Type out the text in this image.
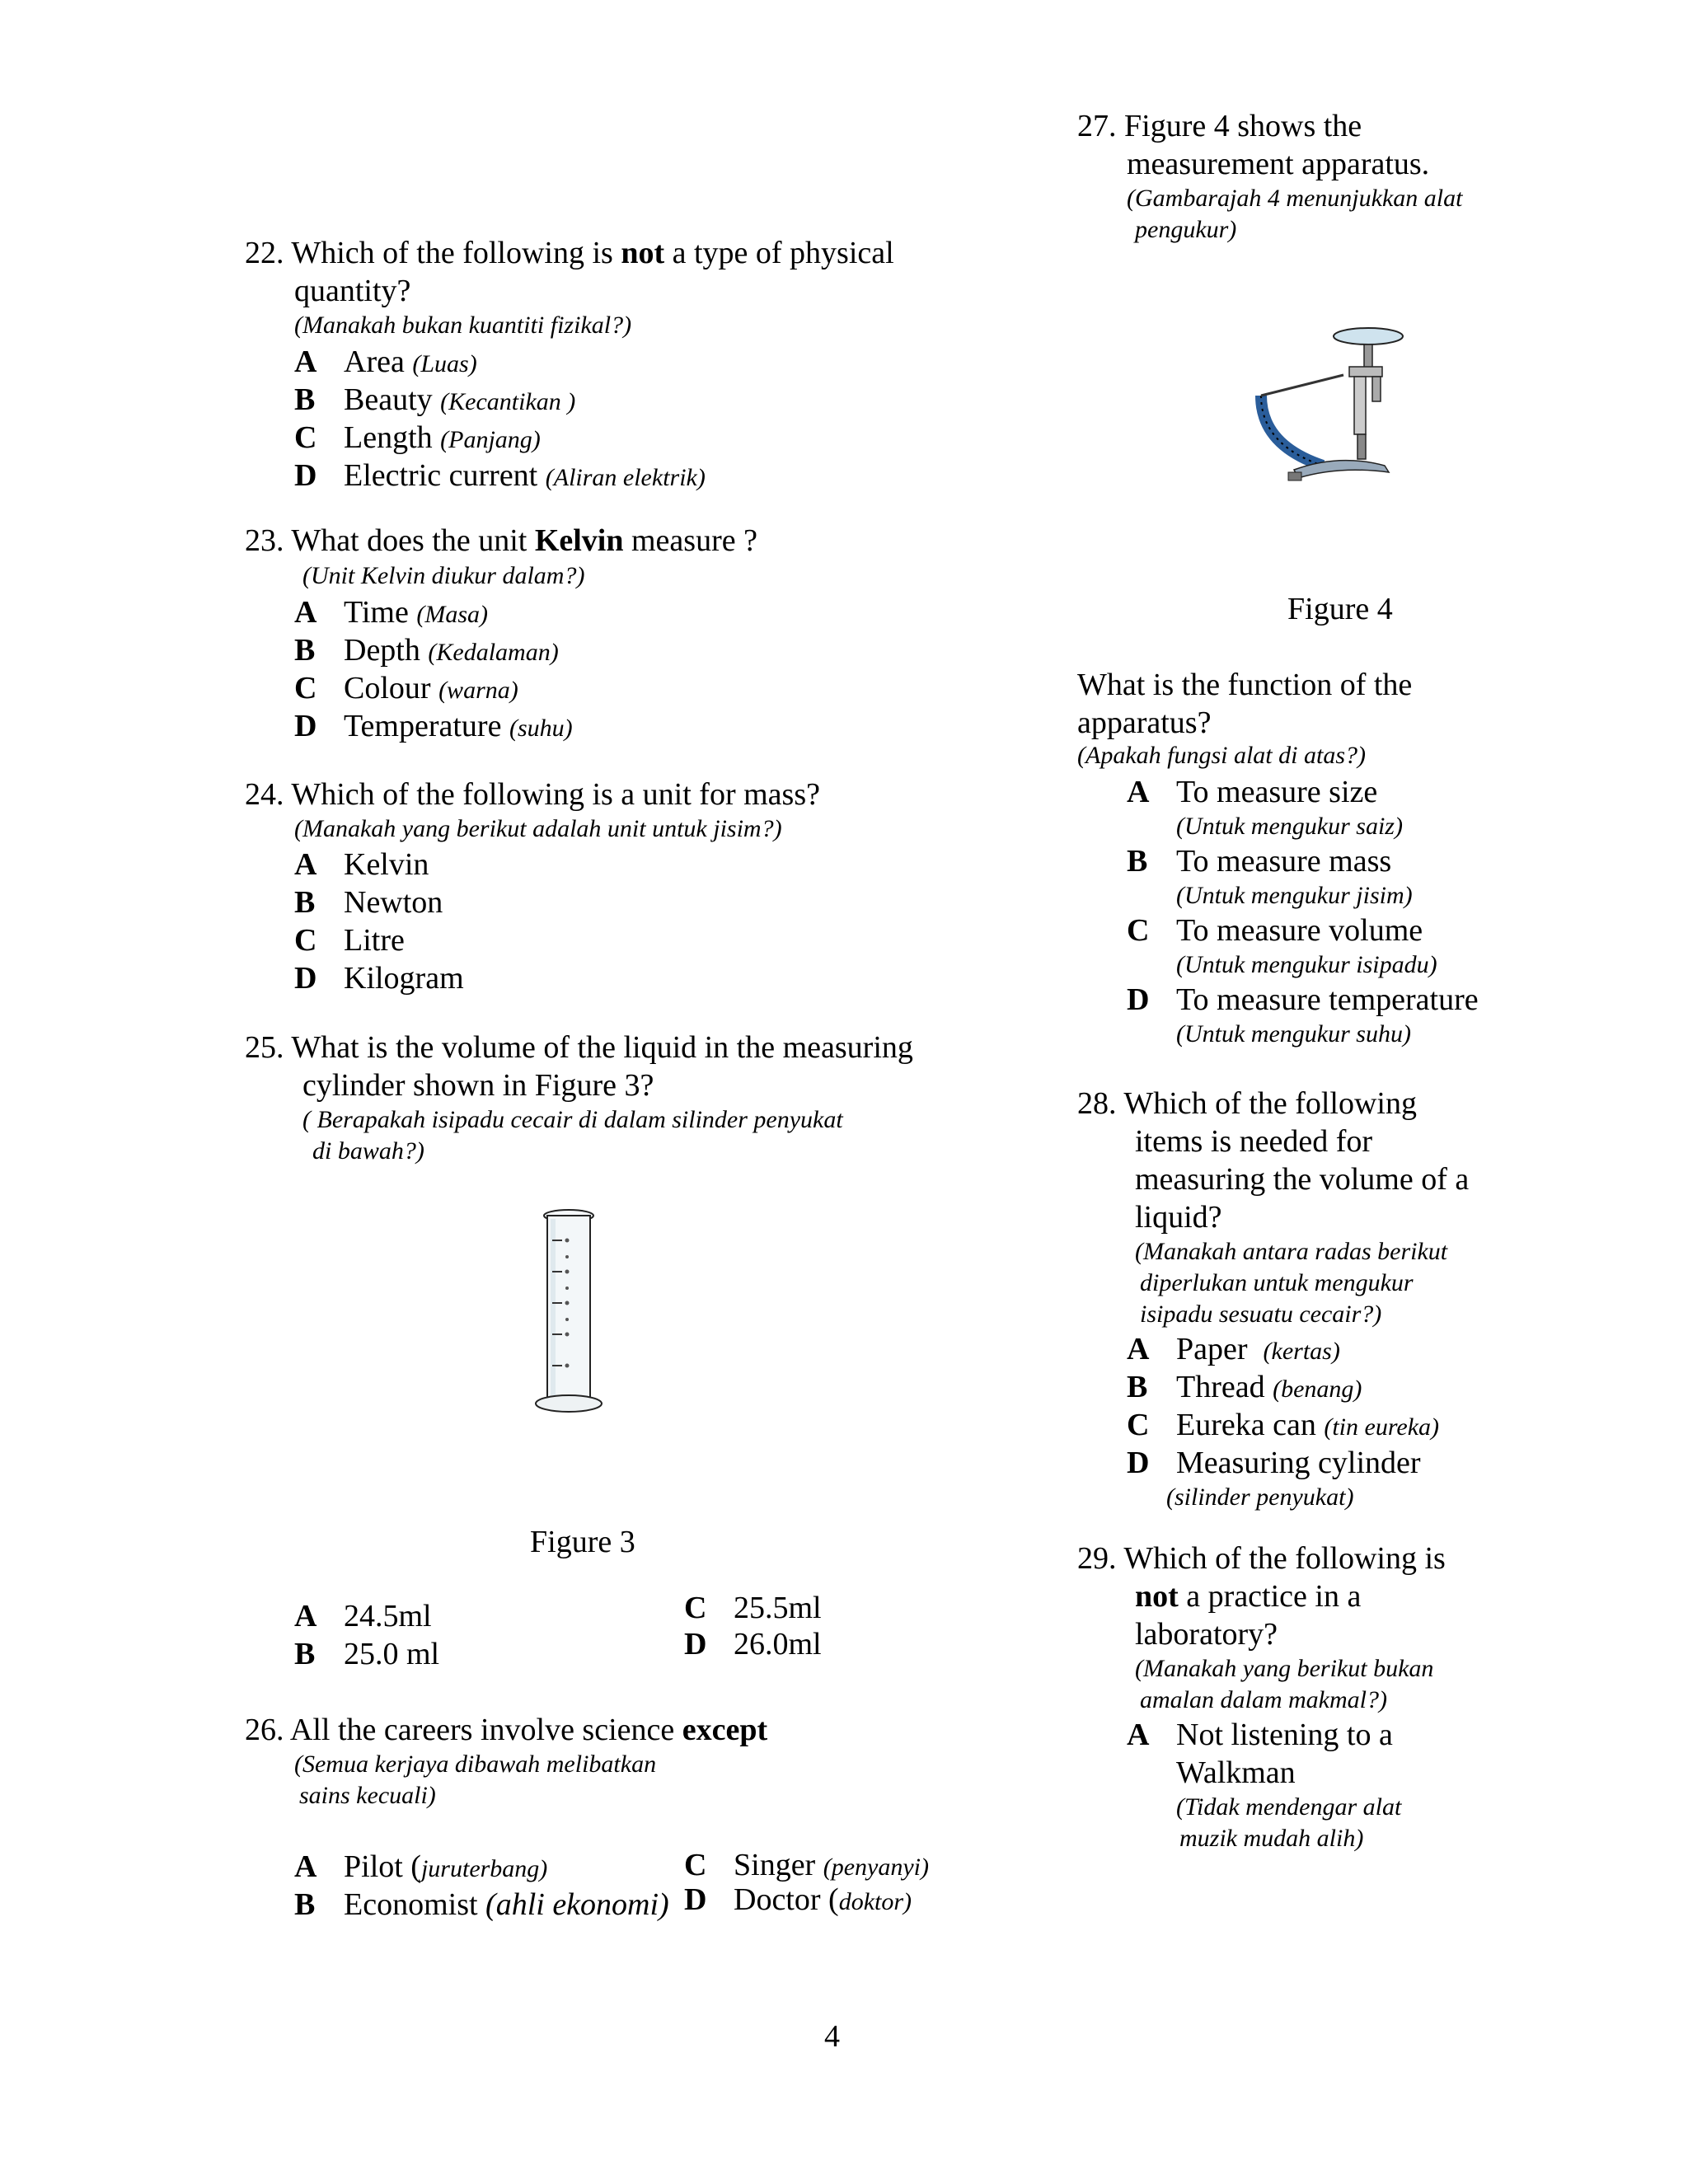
22. Which of the following is not a type of physical
quantity?
(Manakah bukan kuantiti fizikal?)
A Area (Luas)
B Beauty (Kecantikan )
C Length (Panjang)
D Electric current (Aliran elektrik)
23. What does the unit Kelvin measure ?
(Unit Kelvin diukur dalam?)
A Time (Masa)
B Depth (Kedalaman)
C Colour (warna)
D Temperature (suhu)
24. Which of the following is a unit for mass?
(Manakah yang berikut adalah unit untuk jisim?)
A Kelvin
B Newton
C Litre
D Kilogram
25. What is the volume of the liquid in the measuring
cylinder shown in Figure 3?
( Berapakah isipadu cecair di dalam silinder penyukat
di bawah?)
Figure 3
A 24.5ml
B 25.0 ml
C 25.5ml
D 26.0ml
26. All the careers involve science except
(Semua kerjaya dibawah melibatkan
sains kecuali)
A Pilot (juruterbang)
B Economist (ahli ekonomi)
C Singer (penyanyi)
D Doctor (doktor)
27. Figure 4 shows the
measurement apparatus.
(Gambarajah 4 menunjukkan alat
pengukur)
Figure 4
What is the function of the
apparatus?
(Apakah fungsi alat di atas?)
A To measure size
(Untuk mengukur saiz)
B To measure mass
(Untuk mengukur jisim)
C To measure volume
(Untuk mengukur isipadu)
D To measure temperature
(Untuk mengukur suhu)
28. Which of the following
items is needed for
measuring the volume of a
liquid?
(Manakah antara radas berikut
diperlukan untuk mengukur
isipadu sesuatu cecair?)
A Paper (kertas)
B Thread (benang)
C Eureka can (tin eureka)
D Measuring cylinder
(silinder penyukat)
29. Which of the following is
not a practice in a
laboratory?
(Manakah yang berikut bukan
amalan dalam makmal?)
A Not listening to a
Walkman
(Tidak mendengar alat
muzik mudah alih)
4
